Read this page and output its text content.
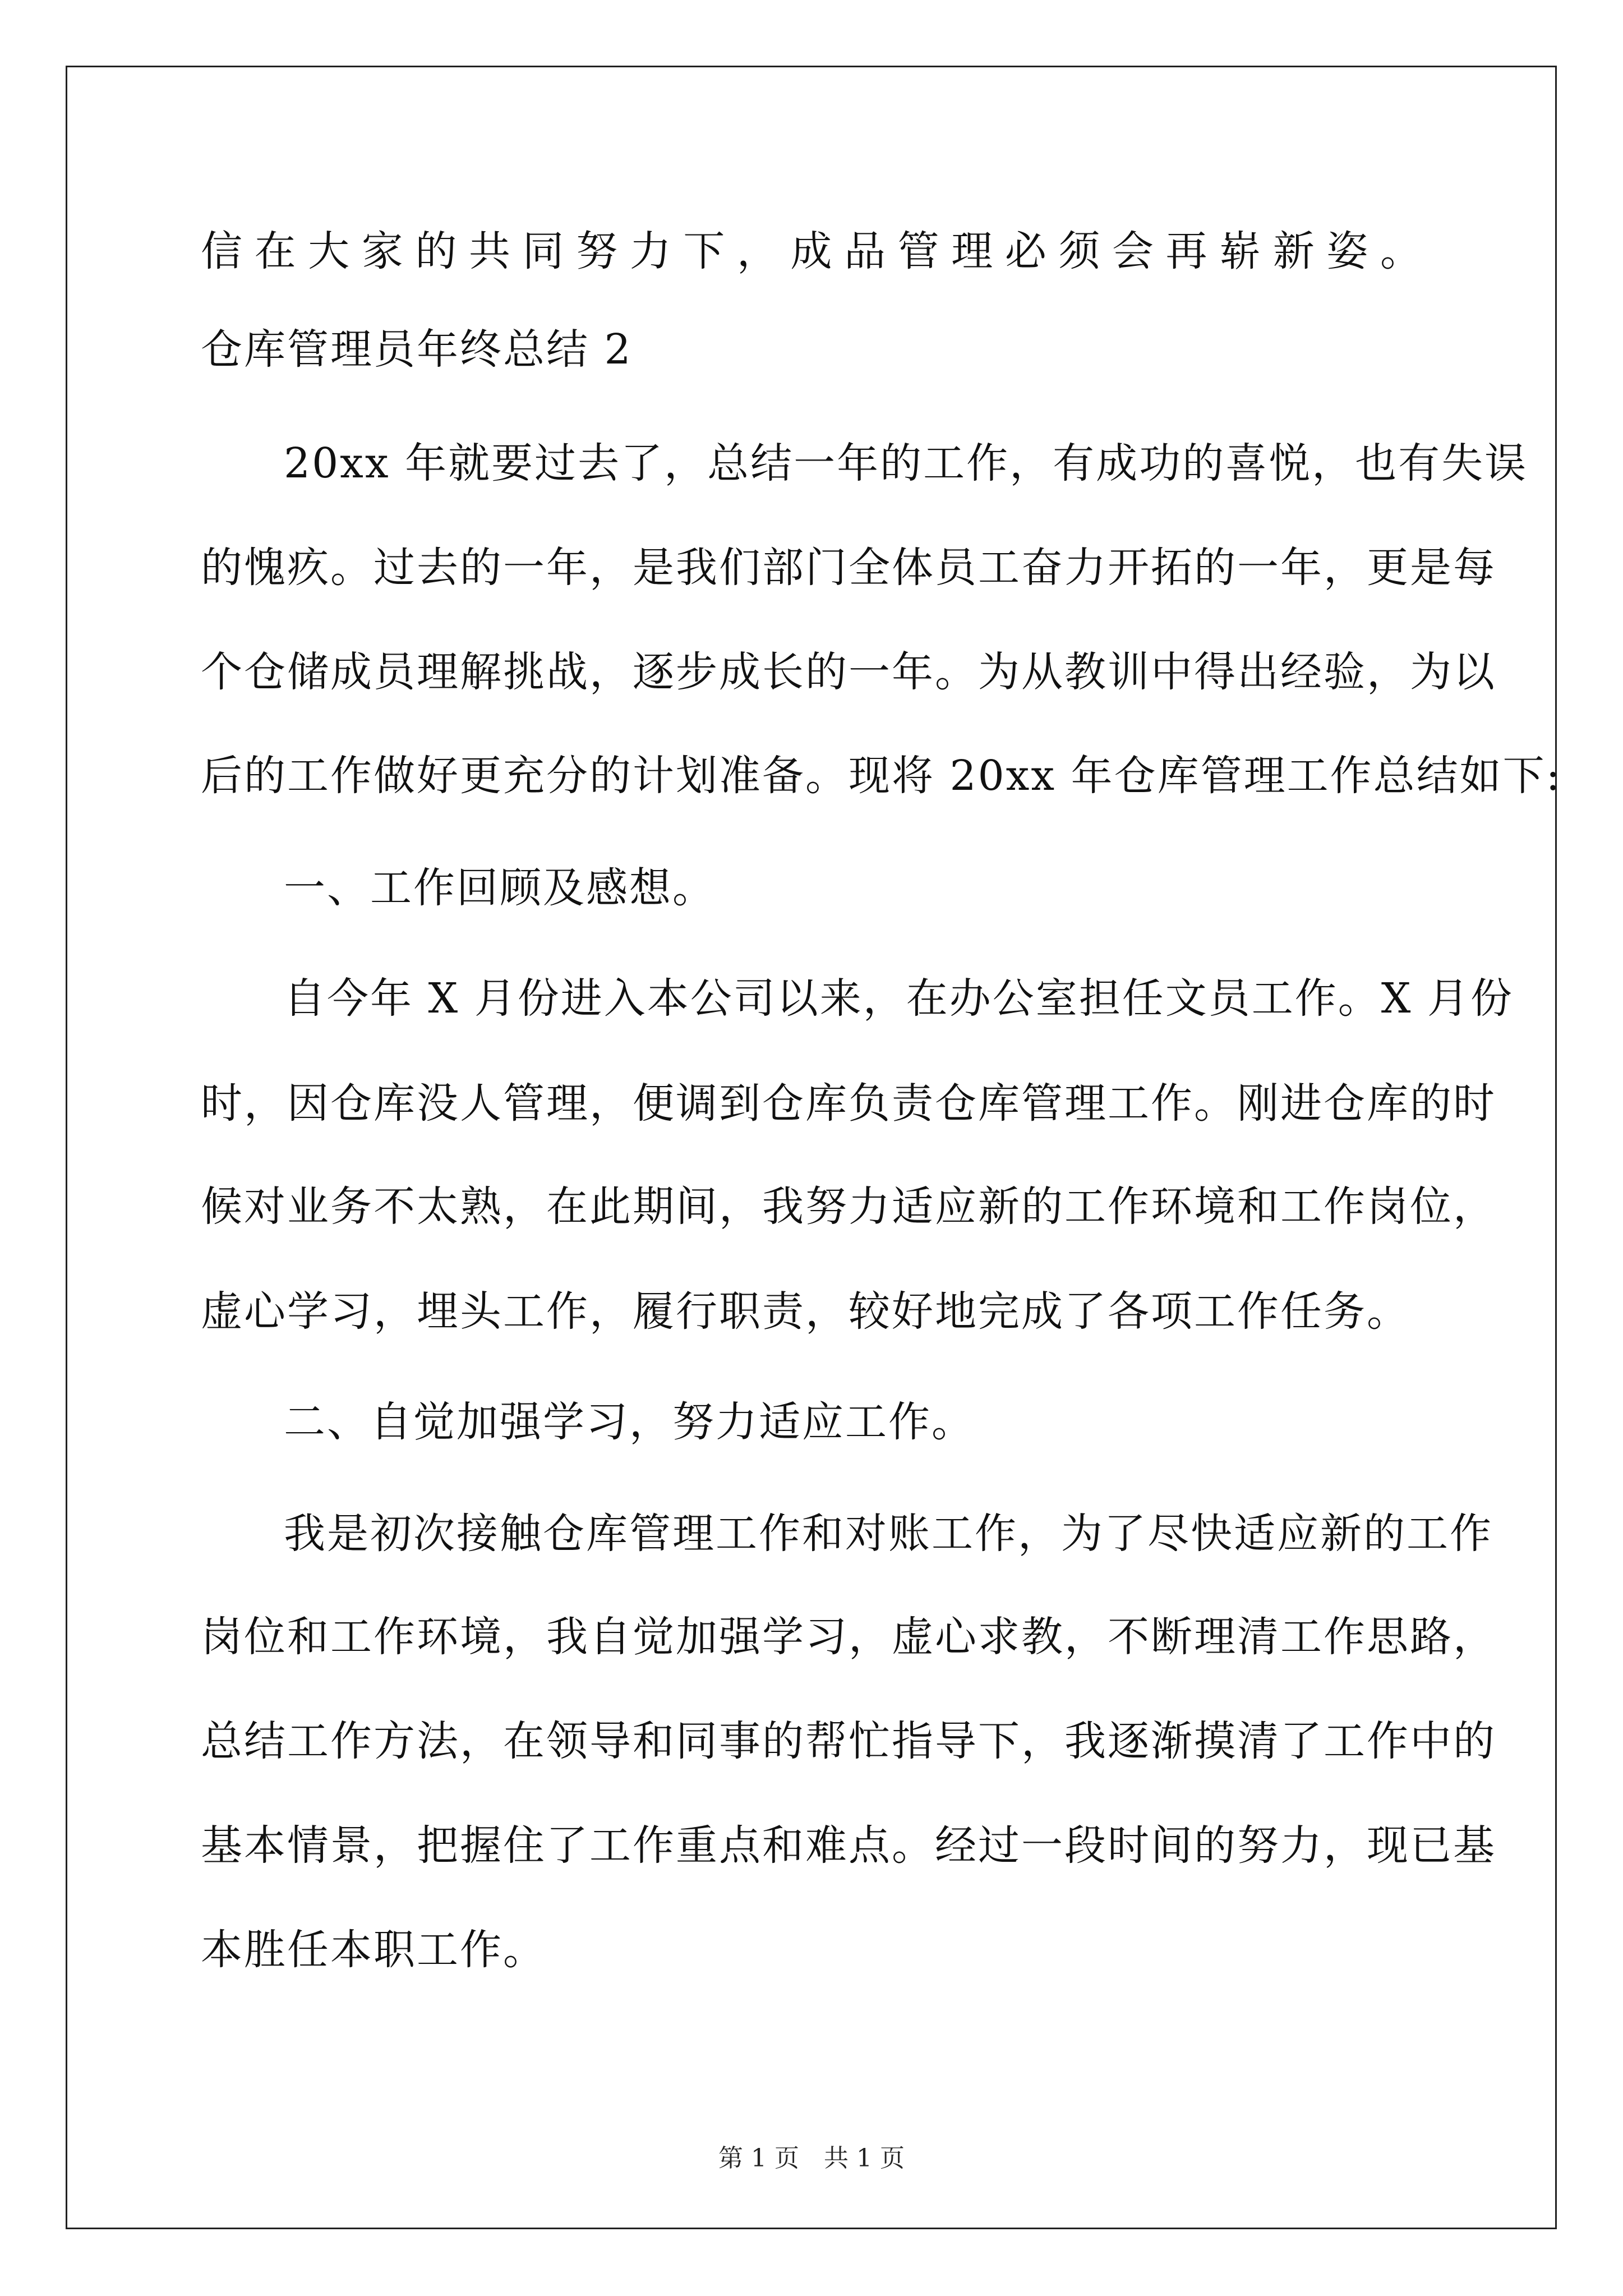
信在大家的共同努力下，成品管理必须会再崭新姿。
仓库管理员年终总结 2
20xx 年就要过去了，总结一年的工作，有成功的喜悦，也有失误
的愧疚。过去的一年，是我们部门全体员工奋力开拓的一年，更是每
个仓储成员理解挑战，逐步成长的一年。为从教训中得出经验，为以
后的工作做好更充分的计划准备。现将 20xx 年仓库管理工作总结如下:
一、工作回顾及感想。
自今年 X 月份进入本公司以来，在办公室担任文员工作。X 月份
时，因仓库没人管理，便调到仓库负责仓库管理工作。刚进仓库的时
候对业务不太熟，在此期间，我努力适应新的工作环境和工作岗位，
虚心学习，埋头工作，履行职责，较好地完成了各项工作任务。
二、自觉加强学习，努力适应工作。
我是初次接触仓库管理工作和对账工作，为了尽快适应新的工作
岗位和工作环境，我自觉加强学习，虚心求教，不断理清工作思路，
总结工作方法，在领导和同事的帮忙指导下，我逐渐摸清了工作中的
基本情景，把握住了工作重点和难点。经过一段时间的努力，现已基
本胜任本职工作。
第 1 页　共 1 页
